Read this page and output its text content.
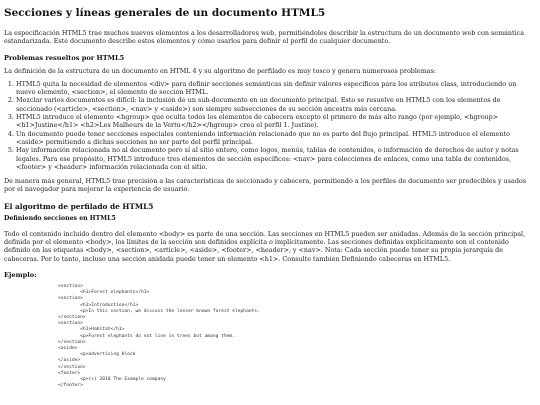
Secciones y líneas generales de un documento HTML5

La especificación HTML5 trae muchos nuevos elementos a los desarrolladores web, permitiéndoles describir la estructura de un documento web con semántica estandarizada. Este documento describe estos elementos y cómo usarlos para definir el perfil de cualquier documento.

Problemas resueltos por HTML5

La definición de la estructura de un documento en HTML 4 y su algoritmo de perfilado es muy tosco y genera numerosos problemas:

1. HTML5 quita la necesidad de elementos <div> para definir secciones semánticas sin definir valores específicos para los atributos class, introduciendo un nuevo elemento, <section>, el elemento de sección HTML.
2. Mezclar varios documentos es difícil: la inclusión de un sub-documento en un documento principal. Esto se resuelve en HTML5 con los elementos de seccionado (<article>, <section>, <nav> y <aside>) son siempre subsecciones de su sección ancestra más cercana.
3. HTML5 introduce el elemento <hgroup> que oculta todos los elementos de cabecera excepto el primero de más alto rango (por ejemplo, <hgroup><h1>Justine</h1> <h2>Les Malheurs de la Vertu</h2></hgroup> crea el perfil 1. Justine).
4. Un documento puede tener secciones especiales conteniendo información relacionado que no es parte del flujo principal. HTML5 introduce el elemento <aside> permitiendo a dichas secciones no ser parte del perfil principal.
5. Hay información relacionada no al documento pero sí al sitio entero, como logos, menús, tablas de contenidos, o información de derechos de autor y notas legales. Para ese propósito, HTML5 introduce tres elementos de sección específicos: <nav> para colecciones de enlaces, como una tabla de contenidos, <footer> y <header> información relacionada con el sitio.

De manera más general, HTML5 trae precisión a las características de seccionado y cabecera, permitiendo a los perfiles de documento ser predecibles y usados por el navegador para mejorar la experiencia de usuario.

El algoritmo de perfilado de HTML5
Definiendo secciones en HTML5

Todo el contenido incluido dentro del elemento <body> es parte de una sección. Las secciones en HTML5 pueden ser anidadas. Además de la sección principal, definida por el elemento <body>, los límites de la sección son definidos explícita o implícitamente. Las secciones definidas explícitamente son el contenido definido en las etiquetas <body>, <section>, <article>, <aside>, <footer>, <header>, y <nav>. Nota: Cada sección puede tener su propia jerarquía de cabeceras. Por lo tanto, incluso una sección anidada puede tener un elemento <h1>. Consulte también Definiendo cabeceras en HTML5.

Ejemplo:
<section>
<h1>Forest elephants</h1>
<section>
<h1>Introduction</h1>
<p>In this section, we discuss the lesser known forest elephants.
</section>
<section>
<h1>Habitat</h1>
<p>Forest elephants do not live in trees but among them.
</section>
<aside>
<p>advertising block
</aside>
</section>
<footer>
<p>(c) 2010 The Example company
</footer>
